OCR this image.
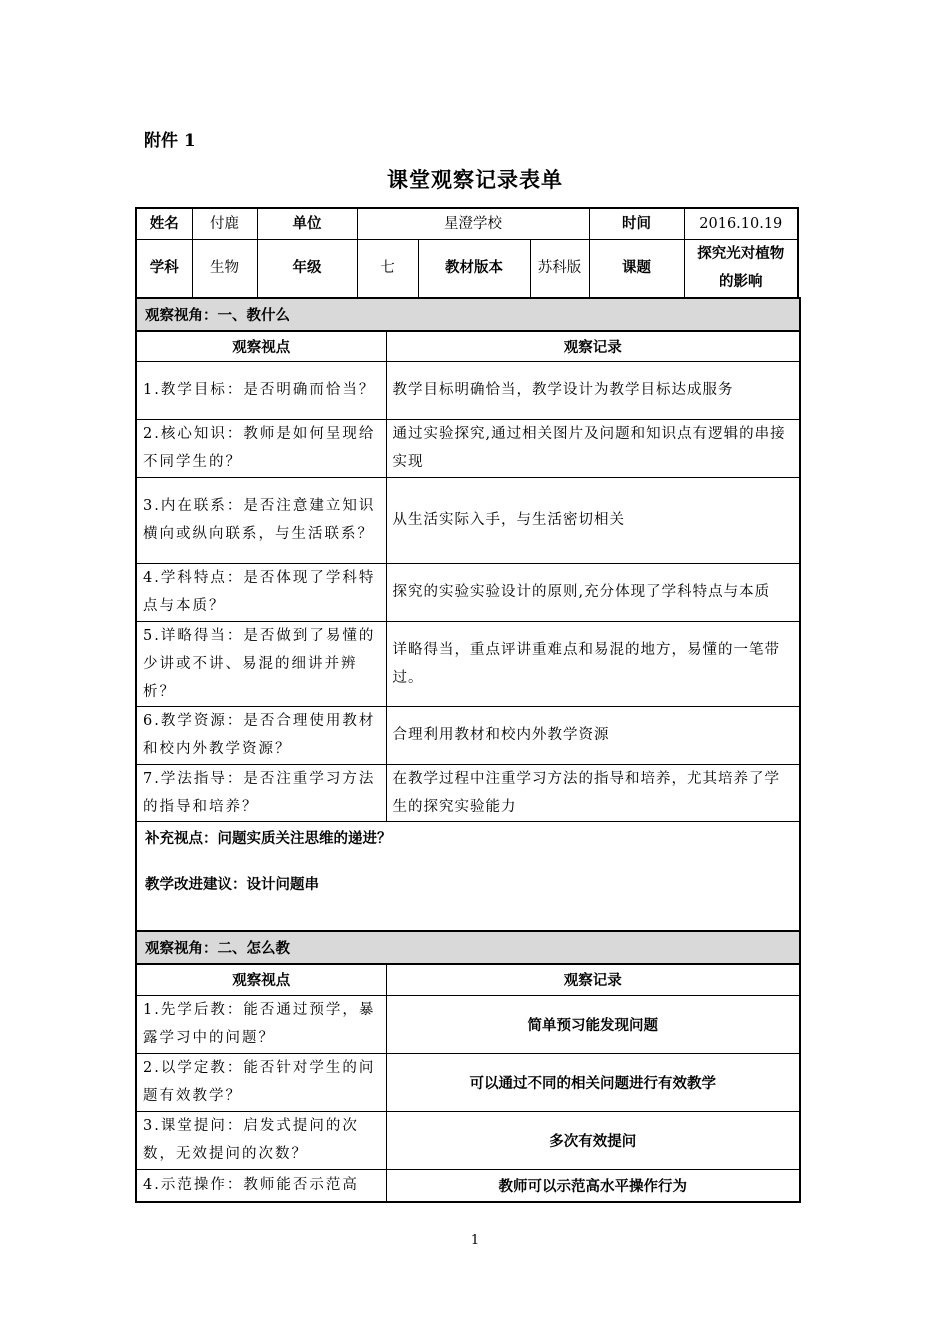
附件 1
课堂观察记录表单
姓名	付鹿	单位	星澄学校			时间	2016.10.19
学科	生物	年级	七	教材版本	苏科版	课题	探究光对植物的影响
观察视角：一、教什么	
观察视点	观察记录
1.教学目标：是否明确而恰当？	教学目标明确恰当，教学设计为教学目标达成服务
2.核心知识：教师是如何呈现给不同学生的？	通过实验探究,通过相关图片及问题和知识点有逻辑的串接实现
3.内在联系：是否注意建立知识横向或纵向联系，与生活联系？	从生活实际入手，与生活密切相关
4.学科特点：是否体现了学科特点与本质？	探究的实验实验设计的原则,充分体现了学科特点与本质
5.详略得当：是否做到了易懂的少讲或不讲、易混的细讲并辨析？	详略得当，重点评讲重难点和易混的地方，易懂的一笔带过。
6.教学资源：是否合理使用教材和校内外教学资源？	合理利用教材和校内外教学资源
7.学法指导：是否注重学习方法的指导和培养？	在教学过程中注重学习方法的指导和培养，尤其培养了学生的探究实验能力

补充视点：问题实质关注思维的递进？
教学改进建议：设计问题串	
观察视角：二、怎么教	
观察视点	观察记录
1.先学后教：能否通过预学，暴露学习中的问题？	简单预习能发现问题
2.以学定教：能否针对学生的问题有效教学？	可以通过不同的相关问题进行有效教学
3.课堂提问：启发式提问的次数，无效提问的次数？	多次有效提问
4.示范操作：教师能否示范高	教师可以示范高水平操作行为
1
